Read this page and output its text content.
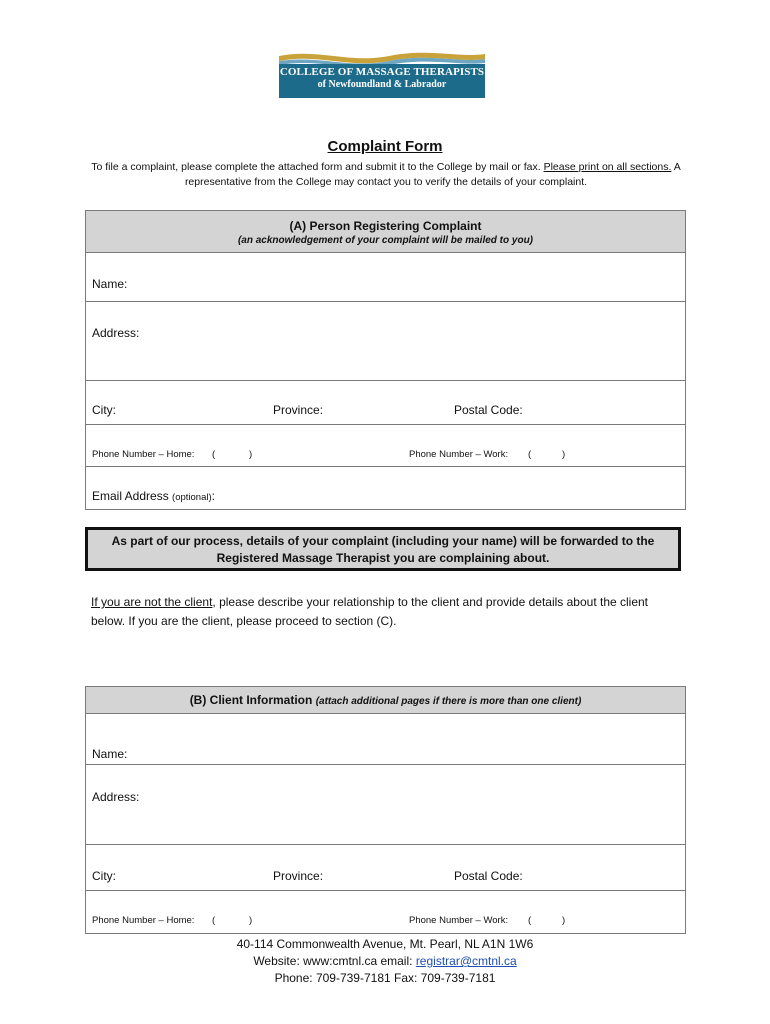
COLLEGE OF MASSAGE THERAPISTS
of Newfoundland & Labrador
Complaint Form
To file a complaint, please complete the attached form and submit it to the College by mail or fax. Please print on all sections. A representative from the College may contact you to verify the details of your complaint.
(A) Person Registering Complaint
(an acknowledgement of your complaint will be mailed to you)
Name:
Address:
City:	Province:	Postal Code:
Phone Number – Home: (	)	Phone Number – Work: (	)
Email Address (optional):
As part of our process, details of your complaint (including your name) will be forwarded to the
Registered Massage Therapist you are complaining about.
If you are not the client, please describe your relationship to the client and provide details about the client below. If you are the client, please proceed to section (C).
(B) Client Information (attach additional pages if there is more than one client)
Name:
Address:
City:	Province:	Postal Code:
Phone Number – Home: (	)	Phone Number – Work: (	)
40-114 Commonwealth Avenue, Mt. Pearl, NL A1N 1W6
Website: www:cmtnl.ca email: registrar@cmtnl.ca
Phone: 709-739-7181 Fax: 709-739-7181
